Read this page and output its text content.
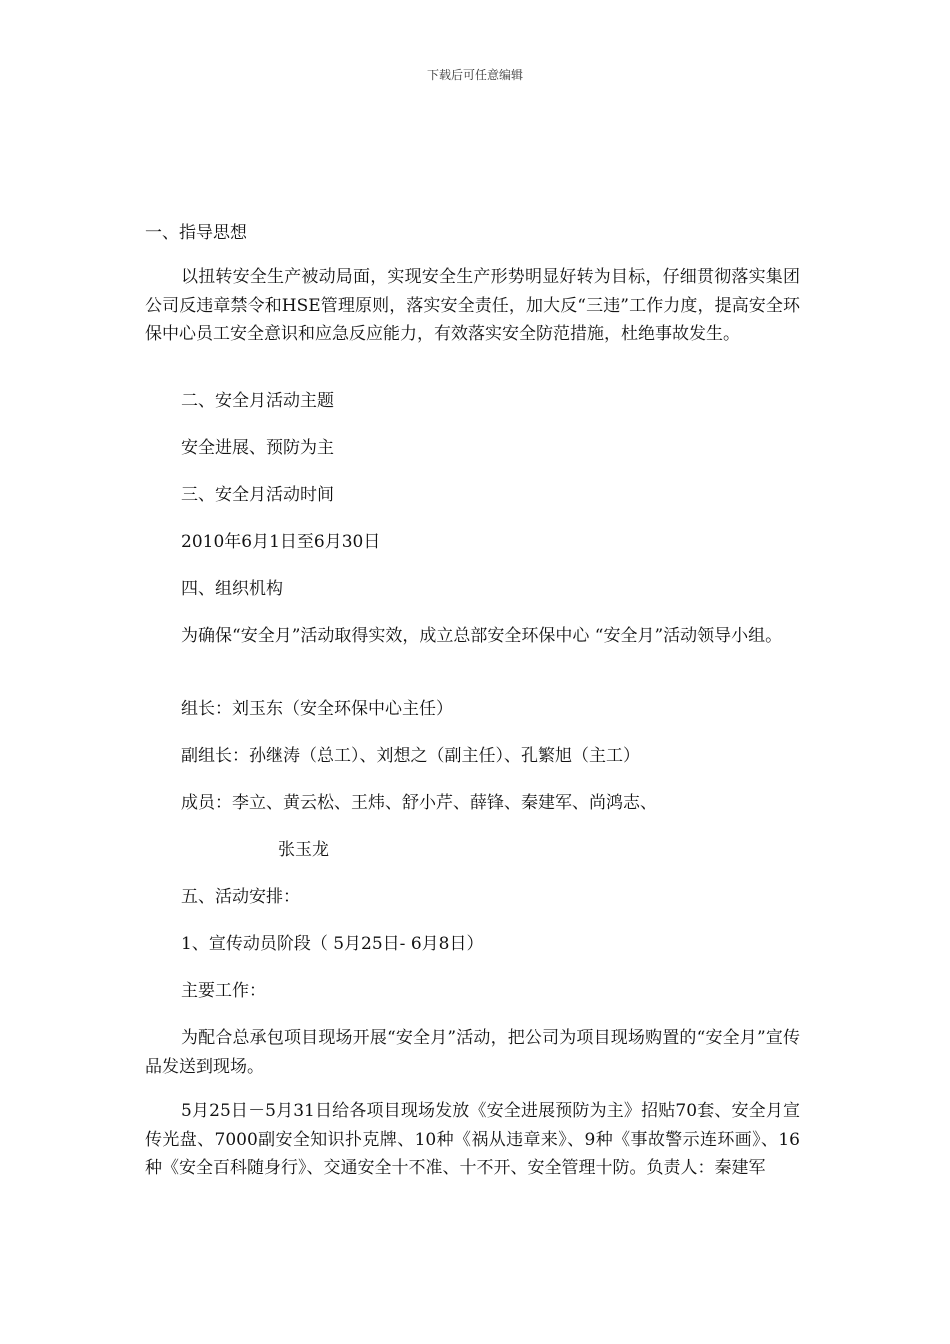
下载后可任意编辑
一、指导思想
以扭转安全生产被动局面，实现安全生产形势明显好转为目标，仔细贯彻落实集团公司反违章禁令和HSE管理原则，落实安全责任，加大反“三违”工作力度，提高安全环保中心员工安全意识和应急反应能力，有效落实安全防范措施，杜绝事故发生。
二、安全月活动主题
安全进展、预防为主
三、安全月活动时间
2010年6月1日至6月30日
四、组织机构
为确保“安全月”活动取得实效，成立总部安全环保中心 “安全月”活动领导小组。
组长：刘玉东（安全环保中心主任）
副组长：孙继涛（总工）、刘想之（副主任）、孔繁旭（主工）
成员：李立、黄云松、王炜、舒小芹、薛锋、秦建军、尚鸿志、
张玉龙
五、活动安排：
1、宣传动员阶段（ 5月25日- 6月8日）
主要工作：
为配合总承包项目现场开展“安全月”活动，把公司为项目现场购置的“安全月”宣传品发送到现场。
5月25日－5月31日给各项目现场发放《安全进展预防为主》招贴70套、安全月宣传光盘、7000副安全知识扑克牌、10种《祸从违章来》、9种《事故警示连环画》、16种《安全百科随身行》、交通安全十不准、十不开、安全管理十防。负责人：秦建军
